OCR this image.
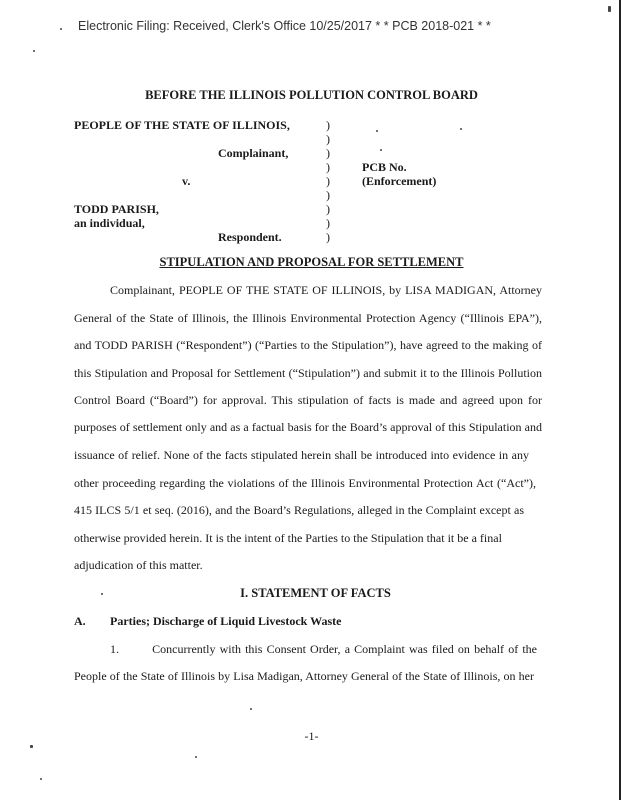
Electronic Filing: Received, Clerk's Office 10/25/2017 * * PCB 2018-021 * *
BEFORE THE ILLINOIS POLLUTION CONTROL BOARD
PEOPLE OF THE STATE OF ILLINOIS,
Complainant,
v.
TODD PARISH,
an individual,
Respondent.
PCB No.
(Enforcement)
)
)
)
)
)
)
)
)
)
STIPULATION AND PROPOSAL FOR SETTLEMENT
Complainant, PEOPLE OF THE STATE OF ILLINOIS, by LISA MADIGAN, Attorney
General of the State of Illinois, the Illinois Environmental Protection Agency (“Illinois EPA”),
and TODD PARISH (“Respondent”) (“Parties to the Stipulation”), have agreed to the making of
this Stipulation and Proposal for Settlement (“Stipulation”) and submit it to the Illinois Pollution
Control Board (“Board”) for approval. This stipulation of facts is made and agreed upon for
purposes of settlement only and as a factual basis for the Board’s approval of this Stipulation and
issuance of relief. None of the facts stipulated herein shall be introduced into evidence in any
other proceeding regarding the violations of the Illinois Environmental Protection Act (“Act”),
415 ILCS 5/1 et seq. (2016), and the Board’s Regulations, alleged in the Complaint except as
otherwise provided herein. It is the intent of the Parties to the Stipulation that it be a final
adjudication of this matter.
I. STATEMENT OF FACTS
A. Parties; Discharge of Liquid Livestock Waste
1.        Concurrently with this Consent Order, a Complaint was filed on behalf of the
People of the State of Illinois by Lisa Madigan, Attorney General of the State of Illinois, on her
-1-
